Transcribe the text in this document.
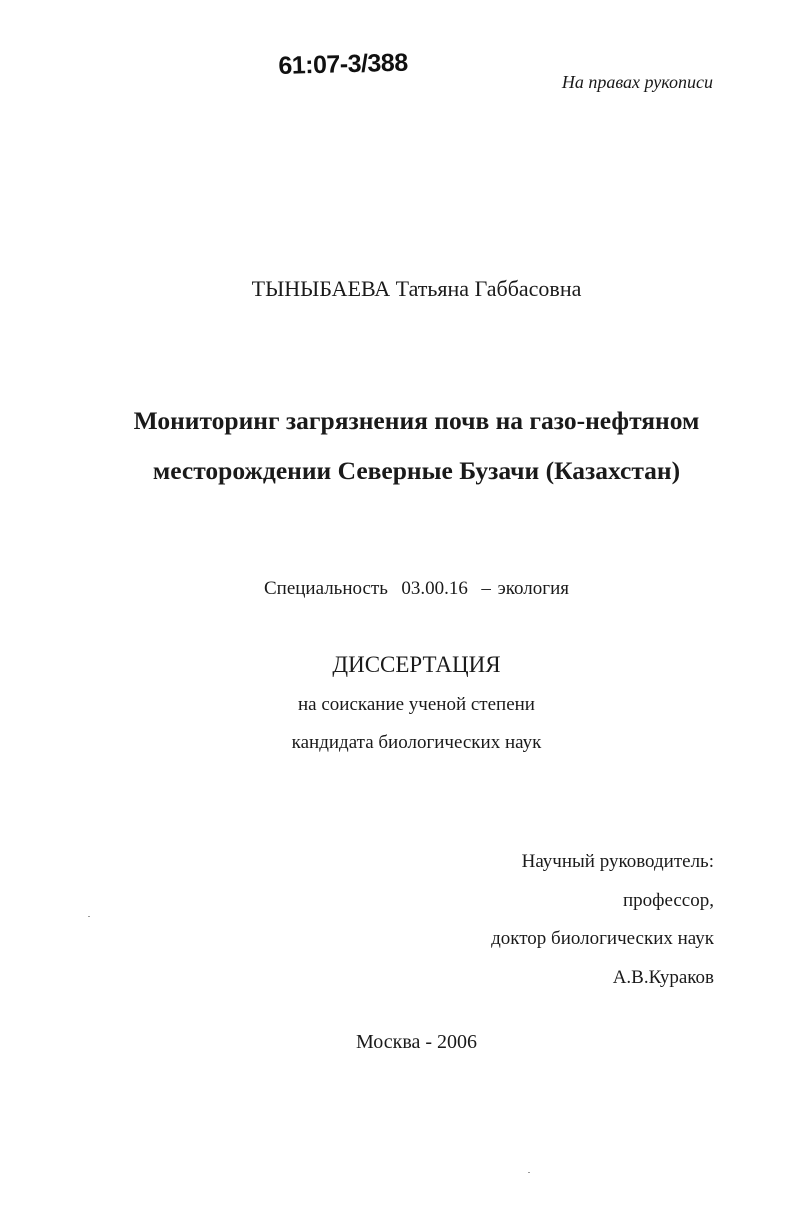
61:07-3/388
На правах рукописи
ТЫНЫБАЕВА Татьяна Габбасовна
Мониторинг загрязнения почв на газо-нефтяном
месторождении Северные Бузачи (Казахстан)
Специальность  03.00.16  – экология
ДИССЕРТАЦИЯ
на соискание ученой степени
кандидата биологических наук
Научный руководитель:
профессор,
доктор биологических наук
А.В.Кураков
Москва - 2006
